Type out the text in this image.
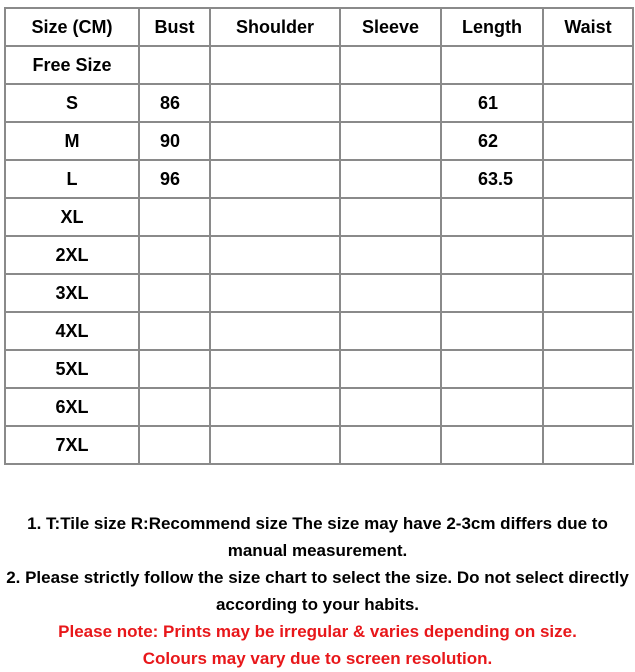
Size (CM)	Bust	Shoulder	Sleeve	Length	Waist
Free Size					
S	86			61	
M	90			62	
L	96			63.5	
XL					
2XL					
3XL					
4XL					
5XL					
6XL					
7XL					

1. T:Tile size R:Recommend size The size may have 2-3cm differs due to manual measurement.

2. Please strictly follow the size chart to select the size. Do not select directly according to your habits.

Please note: Prints may be irregular & varies depending on size.

Colours may vary due to screen resolution.
